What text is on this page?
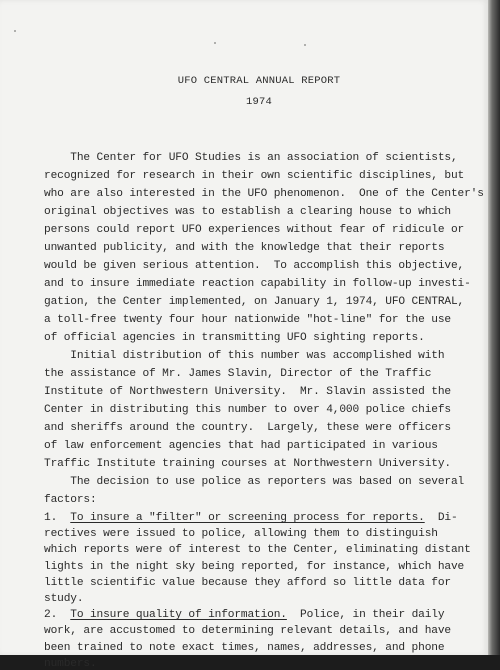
UFO CENTRAL ANNUAL REPORT
1974
The Center for UFO Studies is an association of scientists,
recognized for research in their own scientific disciplines, but
who are also interested in the UFO phenomenon.  One of the Center's
original objectives was to establish a clearing house to which
persons could report UFO experiences without fear of ridicule or
unwanted publicity, and with the knowledge that their reports
would be given serious attention.  To accomplish this objective,
and to insure immediate reaction capability in follow-up investi-
gation, the Center implemented, on January 1, 1974, UFO CENTRAL,
a toll-free twenty four hour nationwide "hot-line" for the use
of official agencies in transmitting UFO sighting reports.
Initial distribution of this number was accomplished with
the assistance of Mr. James Slavin, Director of the Traffic
Institute of Northwestern University.  Mr. Slavin assisted the
Center in distributing this number to over 4,000 police chiefs
and sheriffs around the country.  Largely, these were officers
of law enforcement agencies that had participated in various
Traffic Institute training courses at Northwestern University.
The decision to use police as reporters was based on several
factors:
1.  To insure a "filter" or screening process for reports.  Di-
rectives were issued to police, allowing them to distinguish
which reports were of interest to the Center, eliminating distant
lights in the night sky being reported, for instance, which have
little scientific value because they afford so little data for
study.
2.  To insure quality of information.  Police, in their daily
work, are accustomed to determining relevant details, and have
been trained to note exact times, names, addresses, and phone
numbers.
